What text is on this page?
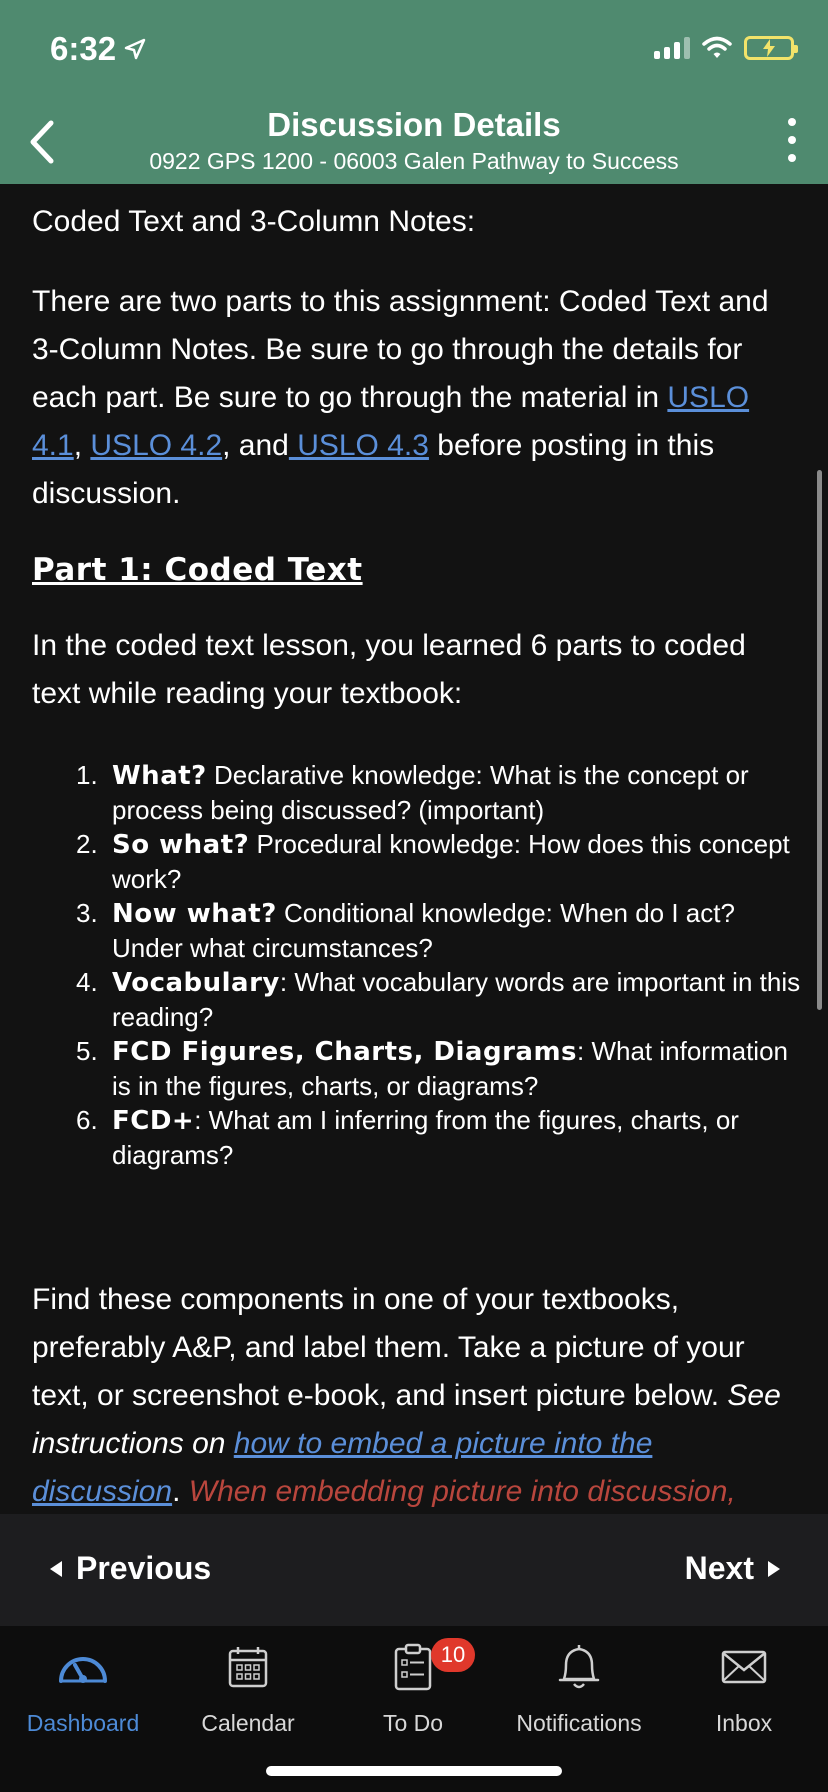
6:32
Discussion Details
0922 GPS 1200 - 06003 Galen Pathway to Success
Coded Text and 3-Column Notes:
There are two parts to this assignment: Coded Text and 3-Column Notes. Be sure to go through the details for each part. Be sure to go through the material in USLO 4.1, USLO 4.2, and USLO 4.3 before posting in this discussion.
Part 1: Coded Text
In the coded text lesson, you learned 6 parts to coded text while reading your textbook:
1. What? Declarative knowledge: What is the concept or process being discussed? (important)
2. So what? Procedural knowledge: How does this concept work?
3. Now what? Conditional knowledge: When do I act? Under what circumstances?
4. Vocabulary: What vocabulary words are important in this reading?
5. FCD Figures, Charts, Diagrams: What information is in the figures, charts, or diagrams?
6. FCD+: What am I inferring from the figures, charts, or diagrams?
Find these components in one of your textbooks, preferably A&P, and label them. Take a picture of your text, or screenshot e-book, and insert picture below. See instructions on how to embed a picture into the discussion. When embedding picture into discussion,
Previous	Next
Dashboard	Calendar
10
To Do	Notifications	Inbox
